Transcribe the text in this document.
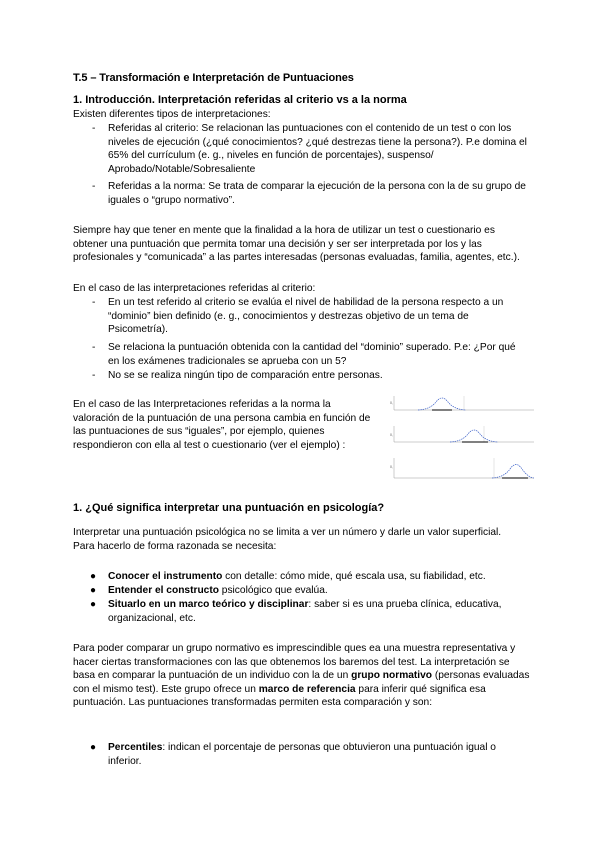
T.5 – Transformación e Interpretación de Puntuaciones
1. Introducción. Interpretación referidas al criterio vs a la norma
Existen diferentes tipos de interpretaciones:
- Referidas al criterio: Se relacionan las puntuaciones con el contenido de un test o con los niveles de ejecución (¿qué conocimientos? ¿qué destrezas tiene la persona?). P.e domina el 65% del currículum (e. g., niveles en función de porcentajes), suspenso/ Aprobado/Notable/Sobresaliente
- Referidas a la norma: Se trata de comparar la ejecución de la persona con la de su grupo de iguales o “grupo normativo”.
Siempre hay que tener en mente que la finalidad a la hora de utilizar un test o cuestionario es obtener una puntuación que permita tomar una decisión y ser ser interpretada por los y las profesionales y “comunicada” a las partes interesadas (personas evaluadas, familia, agentes, etc.).
En el caso de las interpretaciones referidas al criterio:
- En un test referido al criterio se evalúa el nivel de habilidad de la persona respecto a un “dominio” bien definido (e. g., conocimientos y destrezas objetivo de un tema de Psicometría).
- Se relaciona la puntuación obtenida con la cantidad del “dominio” superado. P.e: ¿Por qué en los exámenes tradicionales se aprueba con un 5?
- No se se realiza ningún tipo de comparación entre personas.
En el caso de las Interpretaciones referidas a la norma la valoración de la puntuación de una persona cambia en función de las puntuaciones de sus “iguales”, por ejemplo, quienes respondieron con ella al test o cuestionario (ver el ejemplo) :
0,
0,
0,
1. ¿Qué significa interpretar una puntuación en psicología?
Interpretar una puntuación psicológica no se limita a ver un número y darle un valor superficial. Para hacerlo de forma razonada se necesita:
● Conocer el instrumento con detalle: cómo mide, qué escala usa, su fiabilidad, etc.
● Entender el constructo psicológico que evalúa.
● Situarlo en un marco teórico y disciplinar: saber si es una prueba clínica, educativa, organizacional, etc.
Para poder comparar un grupo normativo es imprescindible ques ea una muestra representativa y hacer ciertas transformaciones con las que obtenemos los baremos del test. La interpretación se basa en comparar la puntuación de un individuo con la de un grupo normativo (personas evaluadas con el mismo test). Este grupo ofrece un marco de referencia para inferir qué significa esa puntuación. Las puntuaciones transformadas permiten esta comparación y son:
● Percentiles: indican el porcentaje de personas que obtuvieron una puntuación igual o inferior.
